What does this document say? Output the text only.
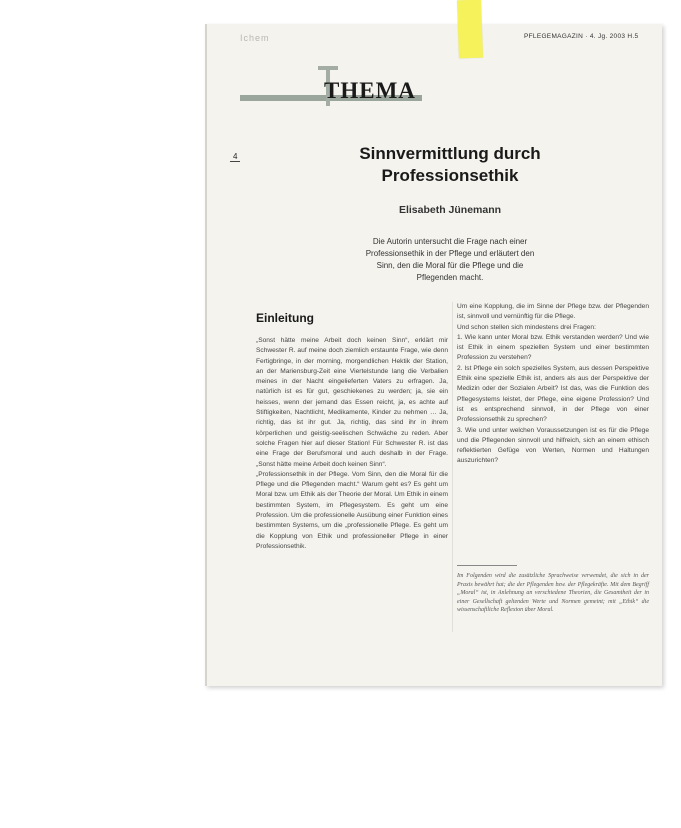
Ichem	PFLEGEMAGAZIN · 4. Jg. 2003 H.5
THEMA
4	Sinnvermittlung durch
Professionsethik
Elisabeth Jünemann
Die Autorin untersucht die Frage nach einer
Professionsethik in der Pflege und erläutert den
Sinn, den die Moral für die Pflege und die
Pflegenden macht.
Einleitung

„Sonst hätte meine Arbeit doch keinen Sinn“, erklärt mir Schwester R. auf meine doch ziemlich erstaunte Frage, wie denn Fertigbringe, in der morning, morgendlichen Hektik der Station, an der Mariensburg-Zeit eine Viertelstunde lang die Verbalien meines in der Nacht eingelieferten Vaters zu erfragen. Ja, natürlich ist es für gut, geschiekenes zu werden; ja, sie ein heisses, wenn der jemand das Essen reicht, ja, es achte auf Stiftigkeiten, Nachtlicht, Medikamente, Kinder zu nehmen … Ja, richtig, das ist ihr gut. Ja, richtig, das sind ihr in ihrem körperlichen und geistig-seelischen Schwäche zu reden. Aber solche Fragen hier auf dieser Station! Für Schwester R. ist das eine Frage der Berufsmoral und auch deshalb in der Frage. „Sonst hätte meine Arbeit doch keinen Sinn“.

„Professionsethik in der Pflege. Vom Sinn, den die Moral für die Pflege und die Pflegenden macht.“ Warum geht es? Es geht um Moral bzw. um Ethik als der Theorie der Moral. Um Ethik in einem bestimmten System, im Pflegesystem. Es geht um eine Profession. Um die professionelle Ausübung einer Funktion eines bestimmten Systems, um die „professionelle Pflege. Es geht um die Kopplung von Ethik und professioneller Pflege in einer Professionsethik.

Um eine Kopplung, die im Sinne der Pflege bzw. der Pflegenden ist, sinnvoll und vernünftig für die Pflege.

Und schon stellen sich mindestens drei Fragen:

1. Wie kann unter Moral bzw. Ethik verstanden werden? Und wie ist Ethik in einem speziellen System und einer bestimmten Profession zu verstehen?

2. Ist Pflege ein solch spezielles System, aus dessen Perspektive Ethik eine spezielle Ethik ist, anders als aus der Perspektive der Medizin oder der Sozialen Arbeit? Ist das, was die Funktion des Pflegesystems leistet, der Pflege, eine eigene Profession? Und ist es entsprechend sinnvoll, in der Pflege von einer Professionsethik zu sprechen?

3. Wie und unter welchen Voraussetzungen ist es für die Pflege und die Pflegenden sinnvoll und hilfreich, sich an einem ethisch reflektierten Gefüge von Werten, Normen und Haltungen auszurichten?

Im Folgenden wird die zusätzliche Sprachweise verwendet, die sich in der Praxis bewährt hat; die der Pflegenden bzw. der Pflegekräfte. Mit dem Begriff „Moral“ ist, in Anlehnung an verschiedene Theorien, die Gesamtheit der in einer Gesellschaft geltenden Werte und Normen gemeint; mit „Ethik“ die wissenschaftliche Reflexion über Moral.
